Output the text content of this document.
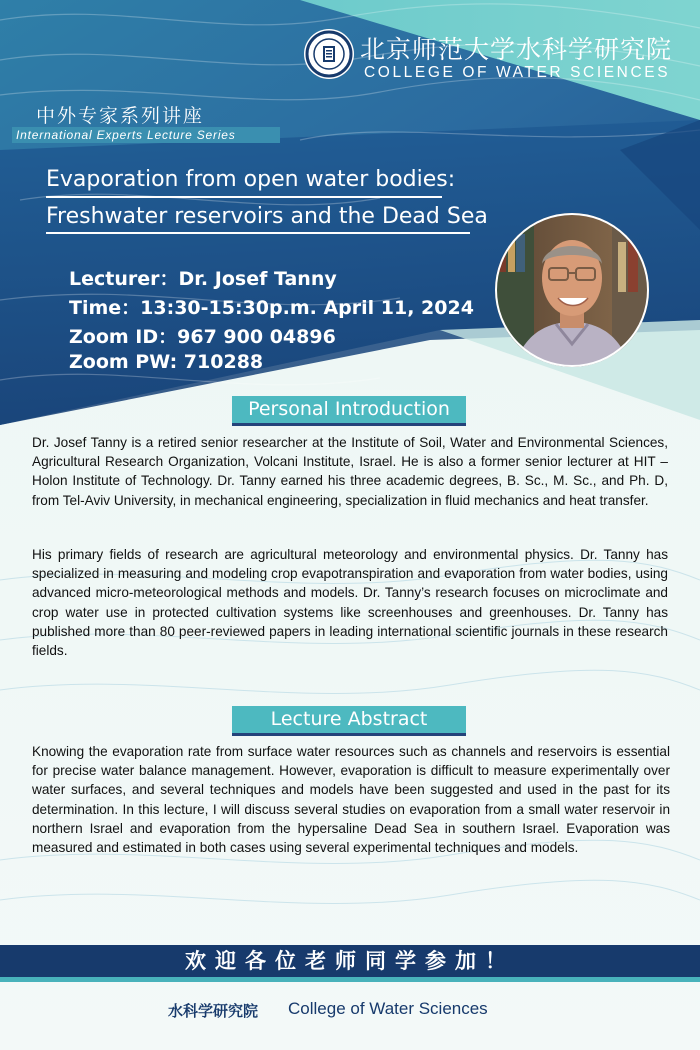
北京师范大学水科学研究院
COLLEGE OF WATER SCIENCES
中外专家系列讲座
International Experts Lecture Series
Evaporation from open water bodies:
Freshwater reservoirs and the Dead Sea
Lecturer：Dr. Josef Tanny
Time：13:30-15:30p.m. April 11, 2024
Zoom ID：967 900 04896
Zoom PW: 710288
Personal Introduction

Dr. Josef Tanny is a retired senior researcher at the Institute of Soil, Water and Environmental Sciences, Agricultural Research Organization, Volcani Institute, Israel. He is also a former senior lecturer at HIT – Holon Institute of Technology. Dr. Tanny earned his three academic degrees, B. Sc., M. Sc., and Ph. D, from Tel-Aviv University, in mechanical engineering, specialization in fluid mechanics and heat transfer.

His primary fields of research are agricultural meteorology and environmental physics. Dr. Tanny has specialized in measuring and modeling crop evapotranspiration and evaporation from water bodies, using advanced micro-meteorological methods and models. Dr. Tanny’s research focuses on microclimate and crop water use in protected cultivation systems like screenhouses and greenhouses. Dr. Tanny has published more than 80 peer-reviewed papers in leading international scientific journals in these research fields.

Lecture Abstract

Knowing the evaporation rate from surface water resources such as channels and reservoirs is essential for precise water balance management. However, evaporation is difficult to measure experimentally over water surfaces, and several techniques and models have been suggested and used in the past for its determination. In this lecture, I will discuss several studies on evaporation from a small water reservoir in northern Israel and evaporation from the hypersaline Dead Sea in southern Israel. Evaporation was measured and estimated in both cases using several experimental techniques and models.

欢迎各位老师同学参加！
水科学研究院 College of Water Sciences
